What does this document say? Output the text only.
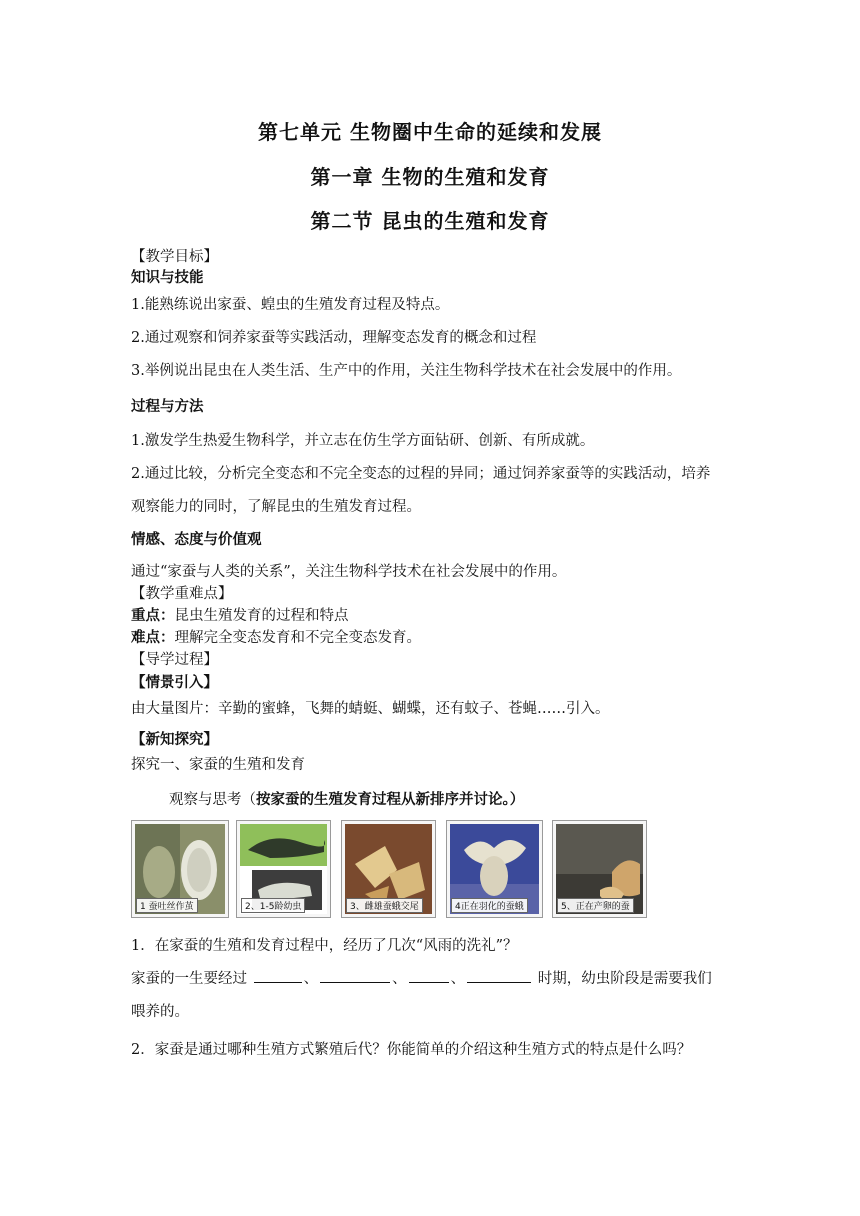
第七单元 生物圈中生命的延续和发展
第一章 生物的生殖和发育
第二节 昆虫的生殖和发育
【教学目标】
知识与技能
1.能熟练说出家蚕、蝗虫的生殖发育过程及特点。
2.通过观察和饲养家蚕等实践活动，理解变态发育的概念和过程
3.举例说出昆虫在人类生活、生产中的作用，关注生物科学技术在社会发展中的作用。
过程与方法
1.激发学生热爱生物科学，并立志在仿生学方面钻研、创新、有所成就。
2.通过比较，分析完全变态和不完全变态的过程的异同；通过饲养家蚕等的实践活动，培养
观察能力的同时，了解昆虫的生殖发育过程。
情感、态度与价值观
通过“家蚕与人类的关系”，关注生物科学技术在社会发展中的作用。
【教学重难点】
重点：昆虫生殖发育的过程和特点
难点：理解完全变态发育和不完全变态发育。
【导学过程】
【情景引入】
由大量图片：辛勤的蜜蜂，飞舞的蜻蜓、蝴蝶，还有蚊子、苍蝇……引入。
【新知探究】
探究一、家蚕的生殖和发育
观察与思考（按家蚕的生殖发育过程从新排序并讨论。）
1 蚕吐丝作茧	2、1-5龄幼虫	3、雌雄蚕蛾交尾	4正在羽化的蚕蛾	5、正在产卵的蚕
1．在家蚕的生殖和发育过程中，经历了几次“风雨的洗礼”？
家蚕的一生要经过	、	、	、	时期，幼虫阶段是需要我们
喂养的。
2．家蚕是通过哪种生殖方式繁殖后代？你能简单的介绍这种生殖方式的特点是什么吗？
